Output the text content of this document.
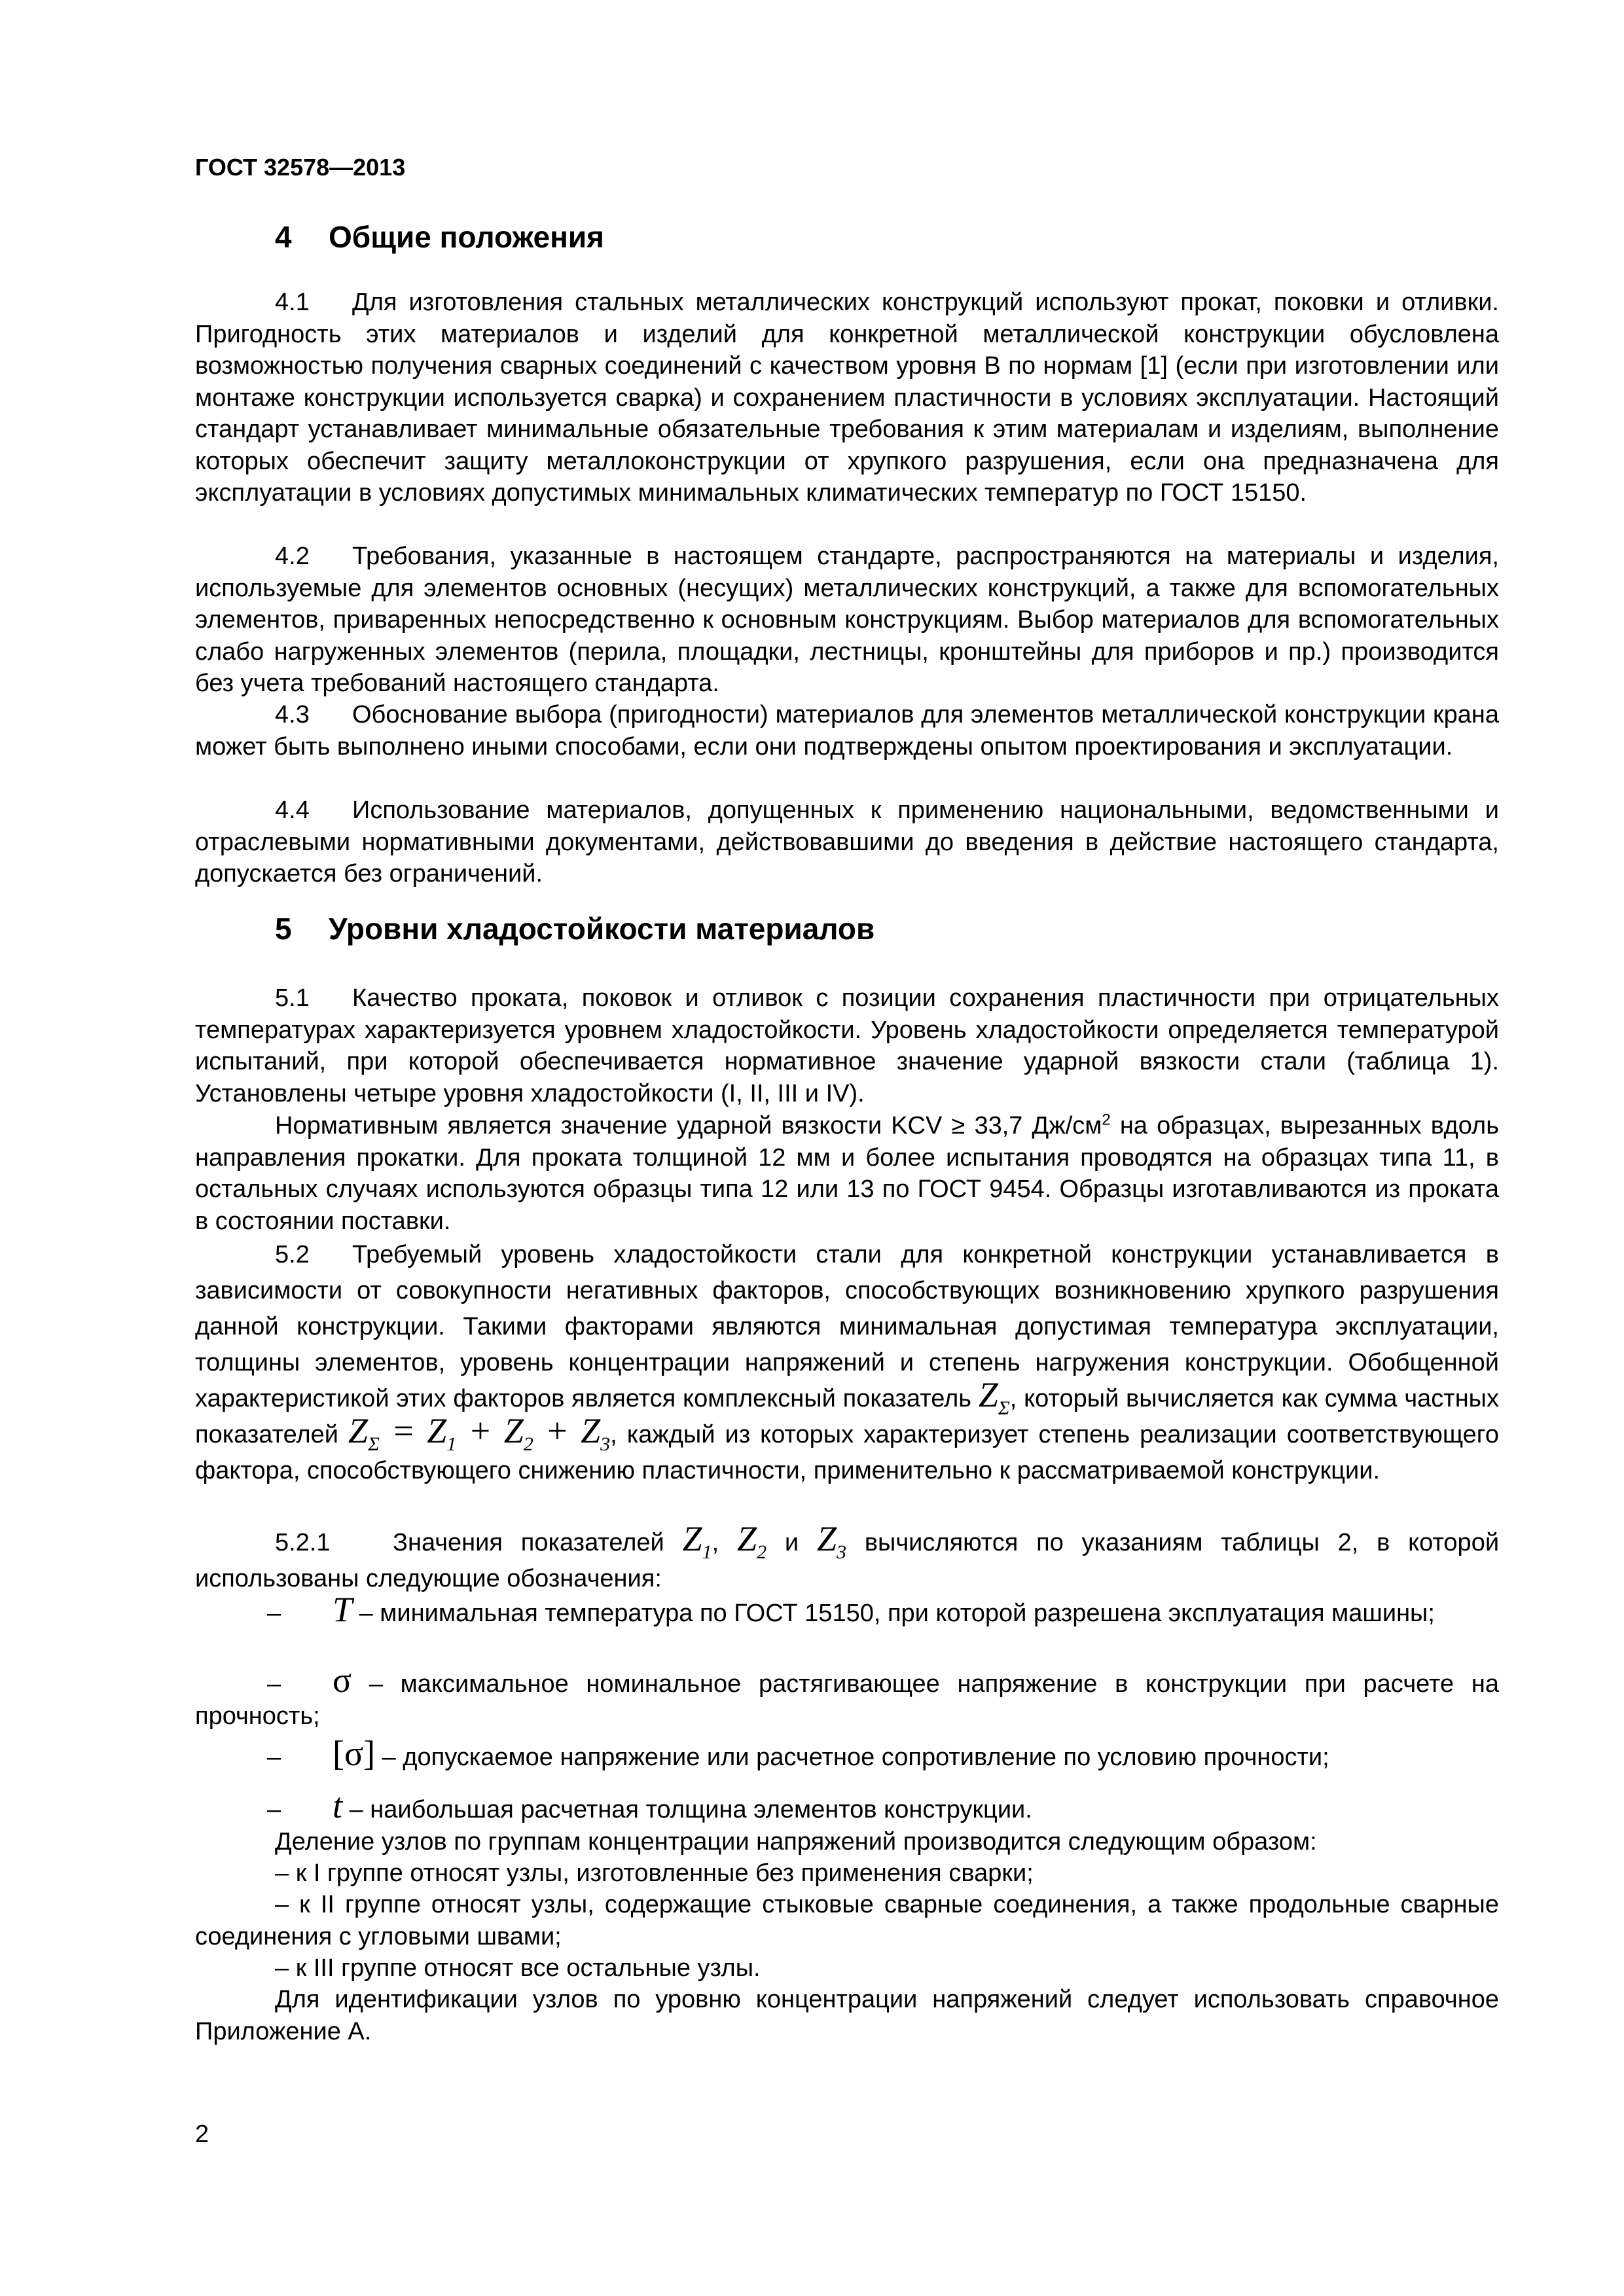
ГОСТ 32578—2013
4 Общие положения

4.1 Для изготовления стальных металлических конструкций используют прокат, поковки и отливки. Пригодность этих материалов и изделий для конкретной металлической конструкции обусловлена возможностью получения сварных соединений с качеством уровня В по нормам [1] (если при изготовлении или монтаже конструкции используется сварка) и сохранением пластичности в условиях эксплуатации. Настоящий стандарт устанавливает минимальные обязательные требования к этим материалам и изделиям, выполнение которых обеспечит защиту металлоконструкции от хрупкого разрушения, если она предназначена для эксплуатации в условиях допустимых минимальных климатических температур по ГОСТ 15150.

4.2 Требования, указанные в настоящем стандарте, распространяются на материалы и изделия, используемые для элементов основных (несущих) металлических конструкций, а также для вспомогательных элементов, приваренных непосредственно к основным конструкциям. Выбор материалов для вспомогательных слабо нагруженных элементов (перила, площадки, лестницы, кронштейны для приборов и пр.) производится без учета требований настоящего стандарта.

4.3 Обоснование выбора (пригодности) материалов для элементов металлической конструкции крана может быть выполнено иными способами, если они подтверждены опытом проектирования и эксплуатации.

4.4 Использование материалов, допущенных к применению национальными, ведомственными и отраслевыми нормативными документами, действовавшими до введения в действие настоящего стандарта, допускается без ограничений.

5 Уровни хладостойкости материалов

5.1 Качество проката, поковок и отливок с позиции сохранения пластичности при отрицательных температурах характеризуется уровнем хладостойкости. Уровень хладостойкости определяется температурой испытаний, при которой обеспечивается нормативное значение ударной вязкости стали (таблица 1). Установлены четыре уровня хладостойкости (I, II, III и IV).

Нормативным является значение ударной вязкости KCV ≥ 33,7 $Дж/см^2$ на образцах, вырезанных вдоль направления прокатки. Для проката толщиной 12 мм и более испытания проводятся на образцах типа 11, в остальных случаях используются образцы типа 12 или 13 по ГОСТ 9454. Образцы изготавливаются из проката в состоянии поставки.

5.2 Требуемый уровень хладостойкости стали для конкретной конструкции устанавливается в зависимости от совокупности негативных факторов, способствующих возникновению хрупкого разрушения данной конструкции. Такими факторами являются минимальная допустимая температура эксплуатации, толщины элементов, уровень концентрации напряжений и степень нагружения конструкции. Обобщенной характеристикой этих факторов является комплексный показатель $Z_\Sigma$, который вычисляется как сумма частных показателей $Z_\Sigma = Z_1 + Z_2 + Z_3$, каждый из которых характеризует степень реализации соответствующего фактора, способствующего снижению пластичности, применительно к рассматриваемой конструкции.

5.2.1	Значения показателей $Z_1$, $Z_2$ и $Z_3$ вычисляются по указаниям таблицы 2, в которой использованы следующие обозначения:

– T – минимальная температура по ГОСТ 15150, при которой разрешена эксплуатация машины;

– σ – максимальное номинальное растягивающее напряжение в конструкции при расчете на прочность;

– [σ] – допускаемое напряжение или расчетное сопротивление по условию прочности;

– t – наибольшая расчетная толщина элементов конструкции.

Деление узлов по группам концентрации напряжений производится следующим образом:

– к I группе относят узлы, изготовленные без применения сварки;

– к II группе относят узлы, содержащие стыковые сварные соединения, а также продольные сварные соединения с угловыми швами;

– к III группе относят все остальные узлы.

Для идентификации узлов по уровню концентрации напряжений следует использовать справочное Приложение А.

2
